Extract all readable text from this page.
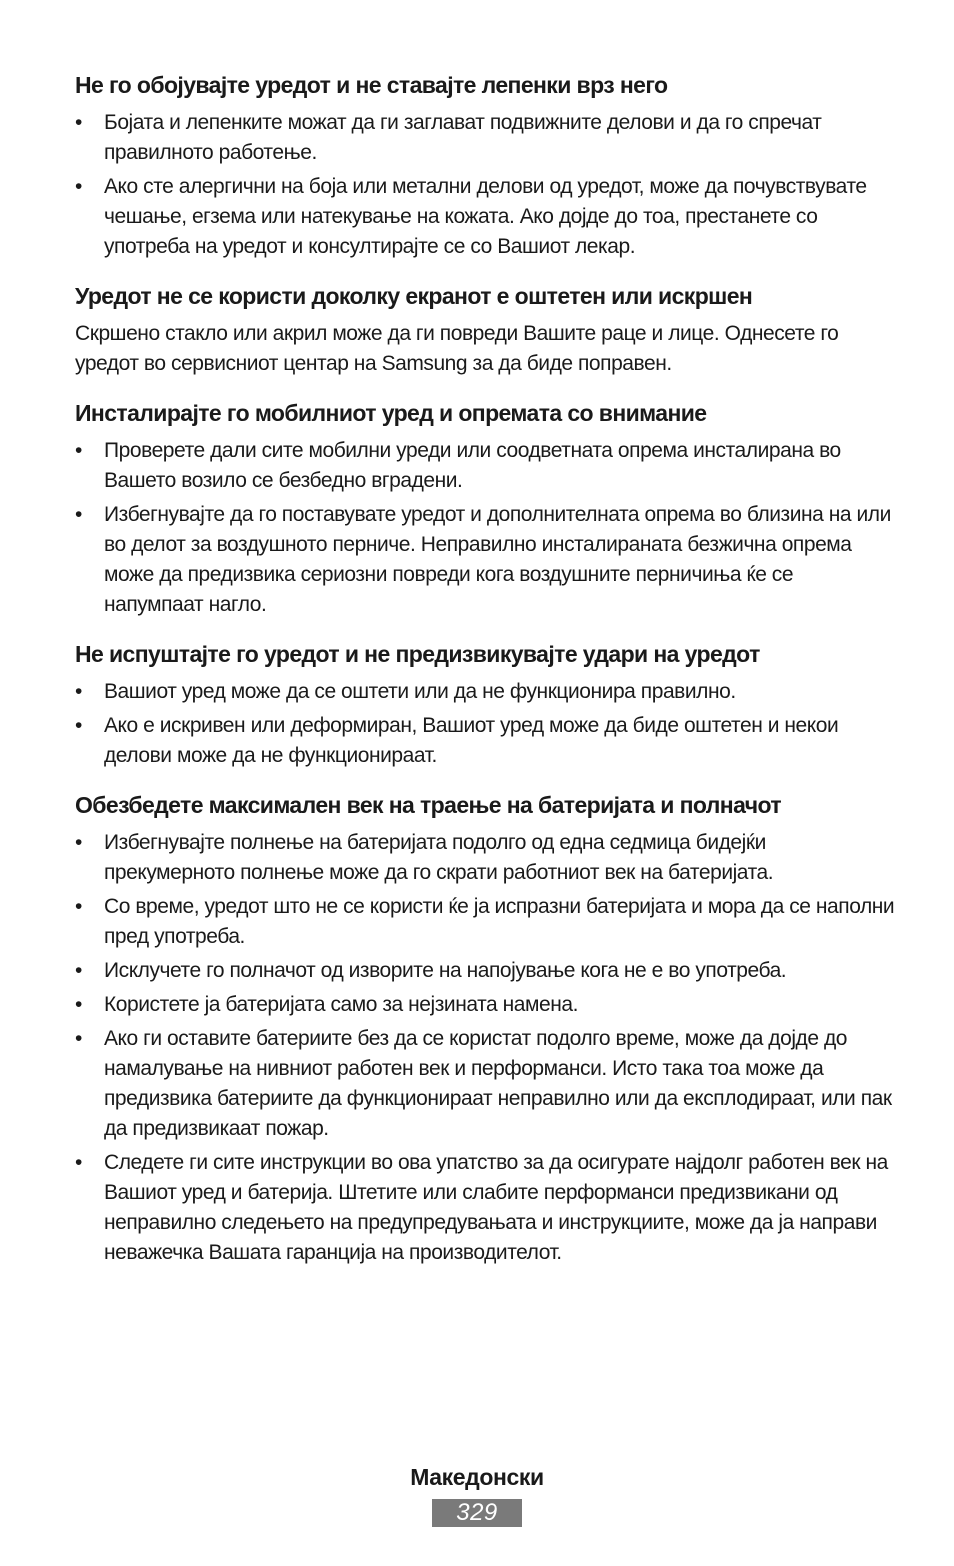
Не го обојувајте уредот и не ставајте лепенки врз него
• Бојата и лепенките можат да ги заглават подвижните делови и да го спречат правилното работење.
• Ако сте алергични на боја или метални делови од уредот, може да почувствувате чешање, егзема или натекување на кожата. Ако дојде до тоа, престанете со употреба на уредот и консултирајте се со Вашиот лекар.
Уредот не се користи доколку екранот е оштетен или искршен

Скршено стакло или акрил може да ги повреди Вашите раце и лице. Однесете го уредот во сервисниот центар на Samsung за да биде поправен.

Инсталирајте го мобилниот уред и опремата со внимание
• Проверете дали сите мобилни уреди или соодветната опрема инсталирана во Вашето возило се безбедно вградени.
• Избегнувајте да го поставувате уредот и дополнителната опрема во близина на или во делот за воздушното перниче. Неправилно инсталираната безжична опрема може да предизвика сериозни повреди кога воздушните перничиња ќе се напумпаат нагло.
Не испуштајте го уредот и не предизвикувајте удари на уредот
• Вашиот уред може да се оштети или да не функционира правилно.
• Ако е искривен или деформиран, Вашиот уред може да биде оштетен и некои делови може да не функционираат.
Обезбедете максимален век на траење на батеријата и полначот
• Избегнувајте полнење на батеријата подолго од една седмица бидејќи прекумерното полнење може да го скрати работниот век на батеријата.
• Со време, уредот што не се користи ќе ја испразни батеријата и мора да се наполни пред употреба.
• Исклучете го полначот од изворите на напојување кога не е во употреба.
• Користете ја батеријата само за нејзината намена.
• Ако ги оставите батериите без да се користат подолго време, може да дојде до намалување на нивниот работен век и перформанси. Исто така тоа може да предизвика батериите да функционираат неправилно или да експлодираат, или пак да предизвикаат пожар.
• Следете ги сите инструкции во ова упатство за да осигурате најдолг работен век на Вашиот уред и батерија. Штетите или слабите перформанси предизвикани од неправилно следењето на предупредувањата и инструкциите, може да ја направи неважечка Вашата гаранција на производителот.
Македонски
329
